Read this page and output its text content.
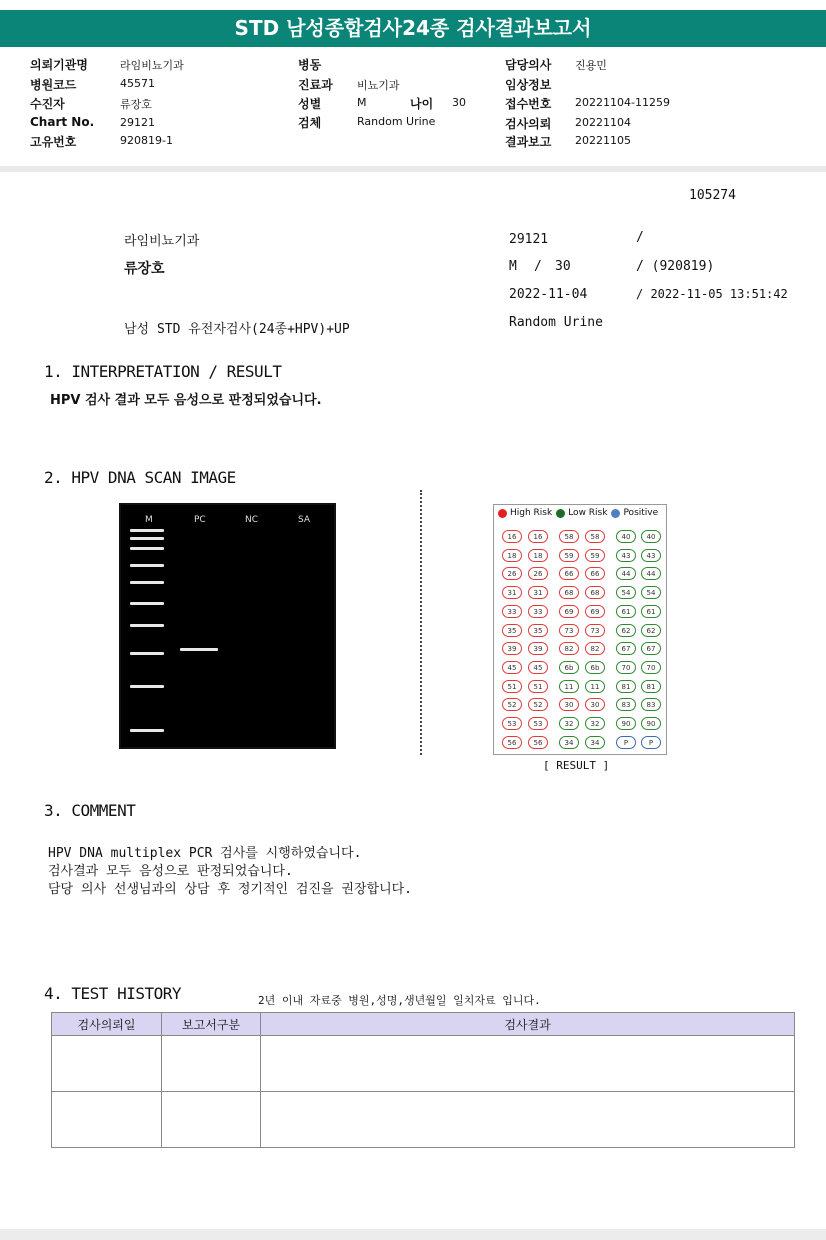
STD 남성종합검사24종 검사결과보고서
의뢰기관명	라임비뇨기과
병원코드	45571
수진자	류장호
Chart No. 29121
고유번호	920819-1
병동
진료과 비뇨기과
성별	M	나이 30
검체	Random Urine
담당의사 진용민
임상정보
접수번호 20221104-11259
검사의뢰 20221104
결과보고 20221105
105274
라임비뇨기과
류장호
남성 STD 유전자검사(24종+HPV)+UP
29121	/
M / 30	/ (920819)
2022-11-04	/ 2022-11-05 13:51:42
Random Urine
1. INTERPRETATION / RESULT
HPV 검사 결과 모두 음성으로 판정되었습니다.
2. HPV DNA SCAN IMAGE
M	PC	NC	SA
High Risk Low Risk Positive
16	16	58	58	40	40
18	18	59	59	43	43
26	26	66	66	44	44
31	31	68	68	54	54
33	33	69	69	61	61
35	35	73	73	62	62
39	39	82	82	67	67
45	45	6b	6b	70	70
51	51	11	11	81	81
52	52	30	30	83	83
53	53	32	32	90	90
56	56	34	34	P	P
[ RESULT ]
3. COMMENT
HPV DNA multiplex PCR 검사를 시행하였습니다.
검사결과 모두 음성으로 판정되었습니다.
담당 의사 선생님과의 상담 후 정기적인 검진을 권장합니다.
4. TEST HISTORY	2년 이내 자료중 병원,성명,생년월일 일치자료 입니다.
검사의뢰일	보고서구분	검사결과
